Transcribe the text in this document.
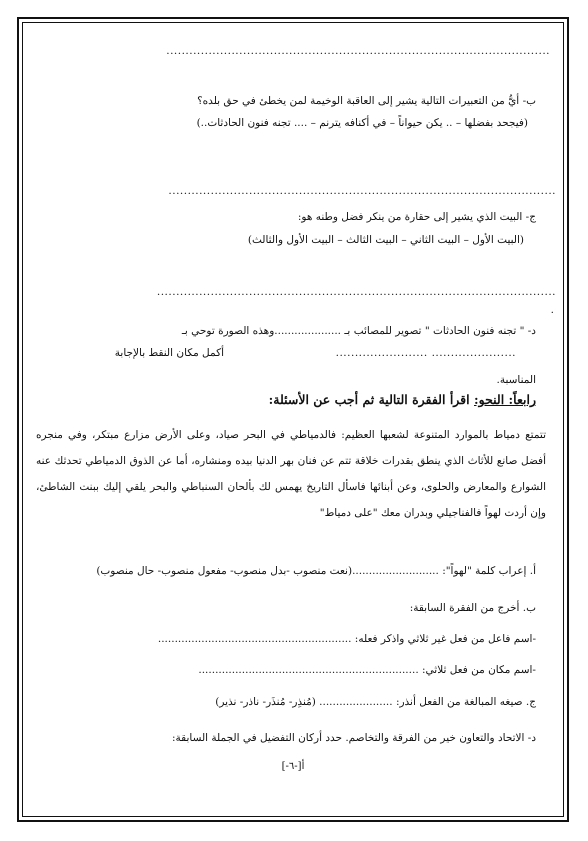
....................................................................................................
ب- أيُّ من التعبيرات التالية يشير إلى العاقبة الوخيمة لمن يخطئ في حق بلده؟
(فيجحد بفضلها – .. يكن حيواناً – في أكنافه يترنم – .... تجنه فنون الحادثات..)
.....................................................................................................
ج- البيت الذي يشير إلى حقارة من ينكر فضل وطنه هو:
(البيت الأول – البيت الثاني – البيت الثالث – البيت الأول والثالث)
........................................................................................................
.
د- " تجنه فنون الحادثات " تصوير للمصائب بـ ....................وهذه الصورة توحي بـ
...................... ........................
أكمل مكان النقط بالإجابة
المناسبة.
رابعاً: النحو: اقرأ الفقرة التالية ثم أجب عن الأسئلة:
تتمتع دمياط بالموارد المتنوعة لشعبها العظيم: فالدمياطي في البحر صياد، وعلى الأرض مزارع مبتكر، وفي منجره أفضل صانع للأثاث الذي ينطق بقدرات خلاقة تتم عن فنان بهر الدنيا بيده ومنشاره، أما عن الذوق الدمياطي تحدثك عنه الشوارع والمعارض والحلوى، وعن أبنائها فاسأل التاريخ يهمس لك بألحان السنباطي والبحر يلقي إليك ببنت الشاطئ، وإن أردت لهواً فالفناجيلي وبدران معك "على دمياط"
أ. إعراب كلمة "لهواً": ..........................(نعت منصوب -بدل منصوب- مفعول منصوب- حال منصوب)
ب. أخرج من الفقرة السابقة:
-اسم فاعل من فعل غير ثلاثي واذكر فعله: ..........................................................
-اسم مكان من فعل ثلاثي: ..................................................................
ج. صيغه المبالغة من الفعل أنذر: ...................... (مُنذِر- مُنذَر- ناذر- نذير)
د- الاتحاد والتعاون خير من الفرقة والتخاصم. حدد أركان التفضيل في الجملة السابقة:
أ[-٦-]
